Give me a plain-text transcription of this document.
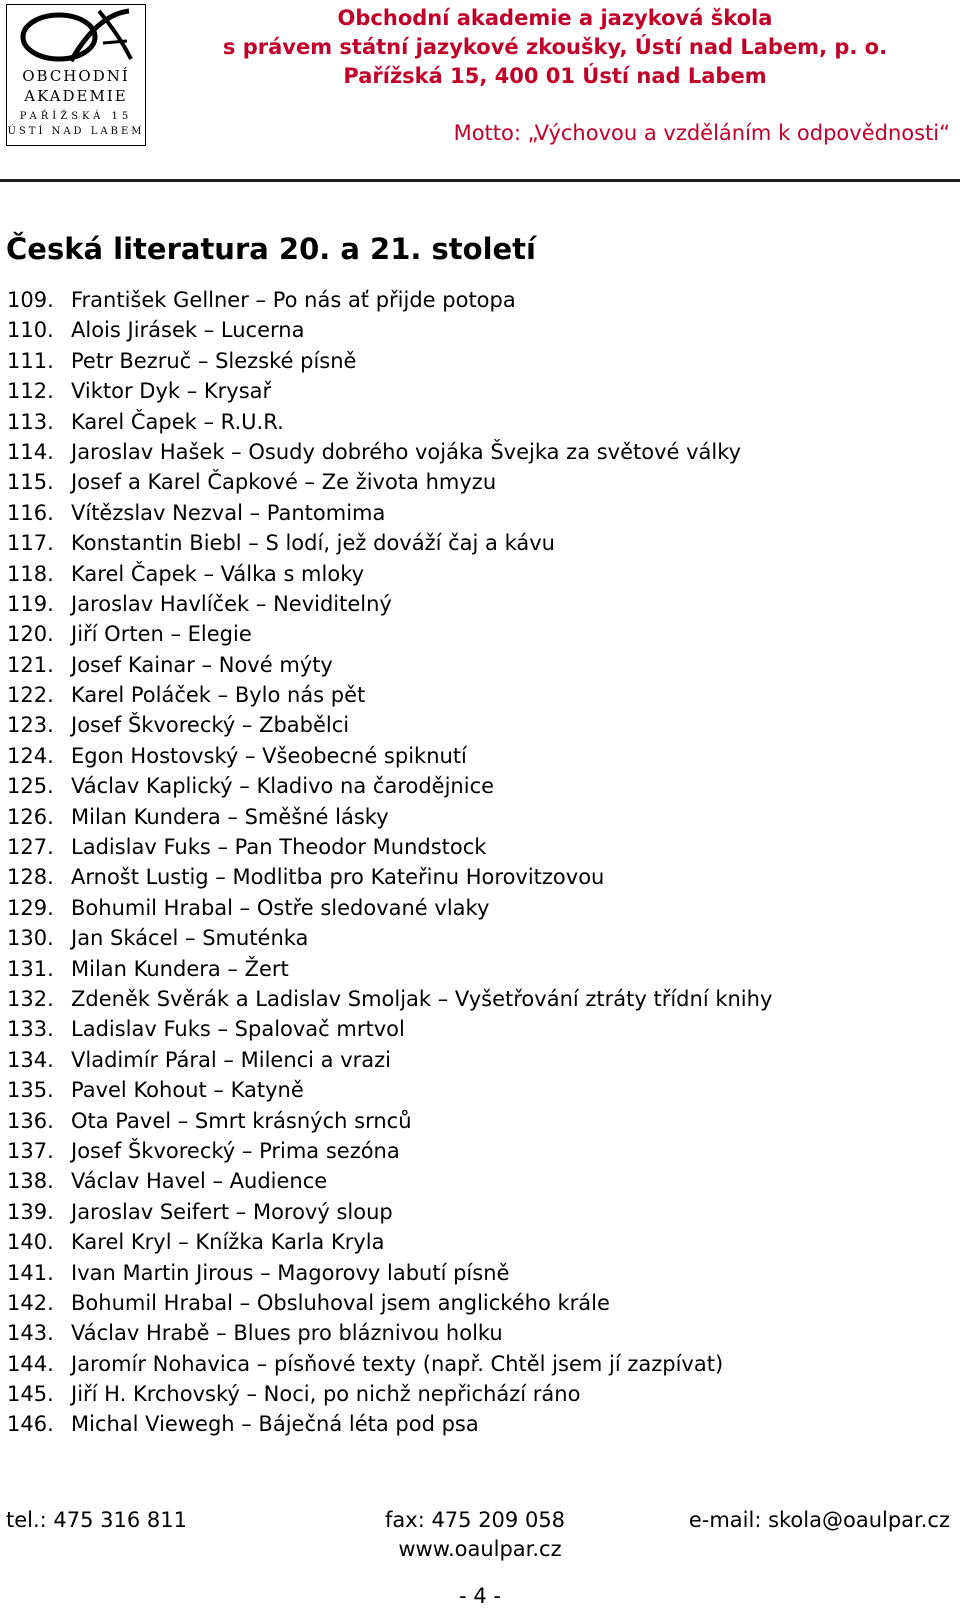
OBCHODNÍ
AKADEMIE
PAŘÍŽSKÁ 15
ÚSTÍ NAD LABEM
Obchodní akademie a jazyková škola
s právem státní jazykové zkoušky, Ústí nad Labem, p. o.
Pařížská 15, 400 01 Ústí nad Labem
Motto: „Výchovou a vzděláním k odpovědnosti“
Česká literatura 20. a 21. století
109. František Gellner – Po nás ať přijde potopa
110. Alois Jirásek – Lucerna
111. Petr Bezruč – Slezské písně
112. Viktor Dyk – Krysař
113. Karel Čapek – R.U.R.
114. Jaroslav Hašek – Osudy dobrého vojáka Švejka za světové války
115. Josef a Karel Čapkové – Ze života hmyzu
116. Vítězslav Nezval – Pantomima
117. Konstantin Biebl – S lodí, jež dováží čaj a kávu
118. Karel Čapek – Válka s mloky
119. Jaroslav Havlíček – Neviditelný
120. Jiří Orten – Elegie
121. Josef Kainar – Nové mýty
122. Karel Poláček – Bylo nás pět
123. Josef Škvorecký – Zbabělci
124. Egon Hostovský – Všeobecné spiknutí
125. Václav Kaplický – Kladivo na čarodějnice
126. Milan Kundera – Směšné lásky
127. Ladislav Fuks – Pan Theodor Mundstock
128. Arnošt Lustig – Modlitba pro Kateřinu Horovitzovou
129. Bohumil Hrabal – Ostře sledované vlaky
130. Jan Skácel – Smuténka
131. Milan Kundera – Žert
132. Zdeněk Svěrák a Ladislav Smoljak – Vyšetřování ztráty třídní knihy
133. Ladislav Fuks – Spalovač mrtvol
134. Vladimír Páral – Milenci a vrazi
135. Pavel Kohout – Katyně
136. Ota Pavel – Smrt krásných srnců
137. Josef Škvorecký – Prima sezóna
138. Václav Havel – Audience
139. Jaroslav Seifert – Morový sloup
140. Karel Kryl – Knížka Karla Kryla
141. Ivan Martin Jirous – Magorovy labutí písně
142. Bohumil Hrabal – Obsluhoval jsem anglického krále
143. Václav Hrabě – Blues pro bláznivou holku
144. Jaromír Nohavica – písňové texty (např. Chtěl jsem jí zazpívat)
145. Jiří H. Krchovský – Noci, po nichž nepřichází ráno
146. Michal Viewegh – Báječná léta pod psa
tel.: 475 316 811	fax: 475 209 058	e-mail: skola@oaulpar.cz
www.oaulpar.cz
- 4 -
